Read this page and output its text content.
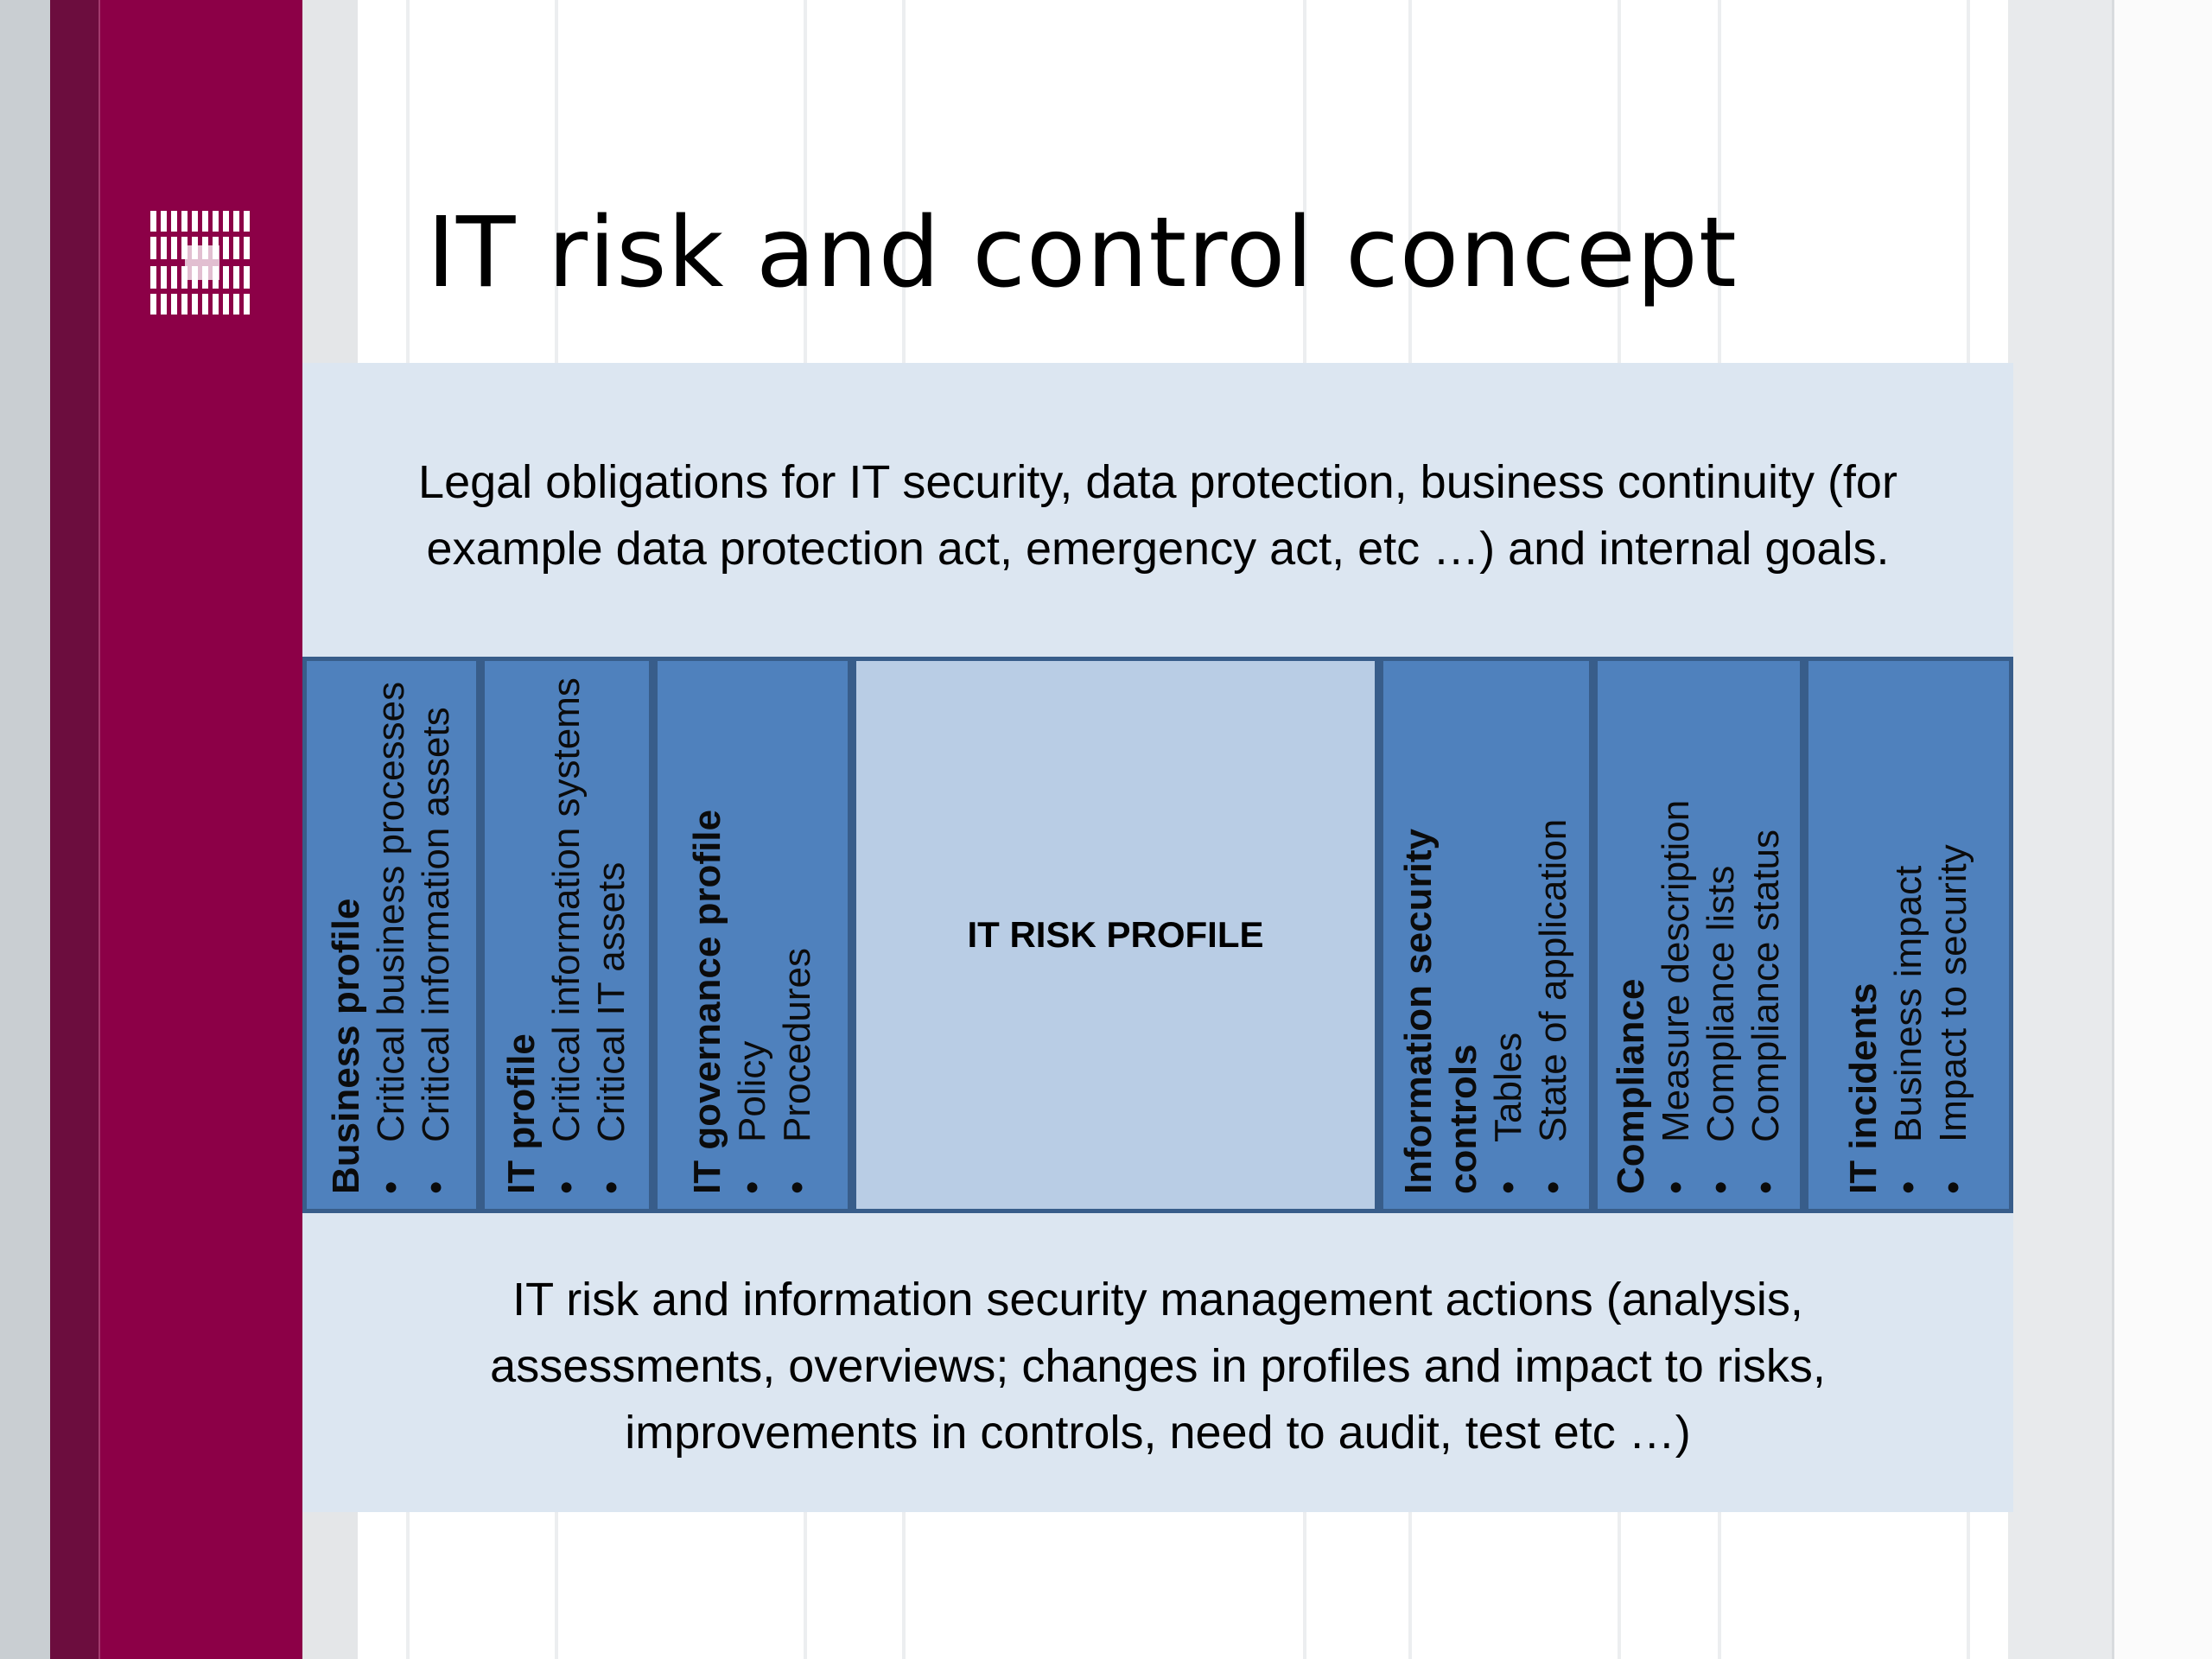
IT risk and control concept
Legal obligations for IT security, data protection, business continuity (for
example data protection act, emergency act, etc …) and internal goals.
Business profile • Critical business processes • Critical information assets IT profile • Critical information systems • Critical IT assets IT governance profile • Policy • Procedures
IT RISK PROFILE	Information security controls • Tables • State of application Compliance • Measure description • Compliance lists • Compliance status IT incidents • Business impact • Impact to security
IT risk and information security management actions (analysis,
assessments, overviews; changes in profiles and impact to risks,
improvements in controls, need to audit, test etc …)
